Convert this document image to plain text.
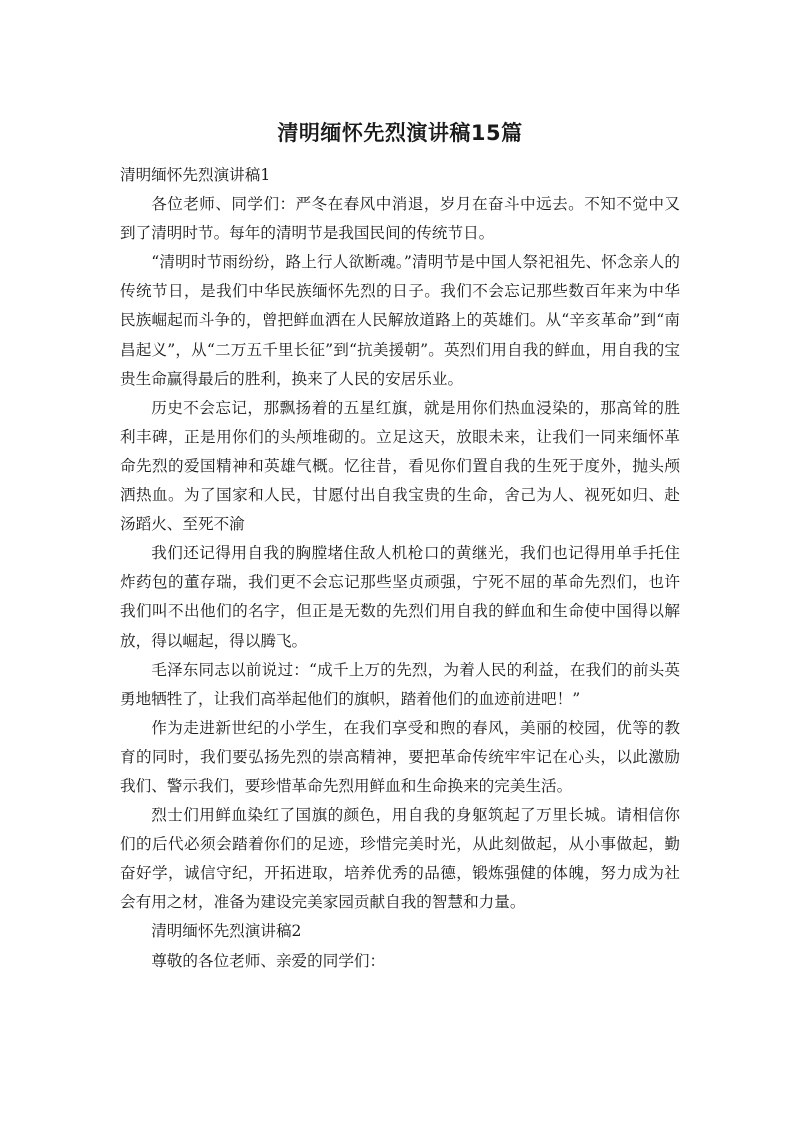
清明缅怀先烈演讲稿15篇

清明缅怀先烈演讲稿1

各位老师、同学们：严冬在春风中消退，岁月在奋斗中远去。不知不觉中又到了清明时节。每年的清明节是我国民间的传统节日。

“清明时节雨纷纷，路上行人欲断魂。”清明节是中国人祭祀祖先、怀念亲人的传统节日，是我们中华民族缅怀先烈的日子。我们不会忘记那些数百年来为中华民族崛起而斗争的，曾把鲜血洒在人民解放道路上的英雄们。从“辛亥革命”到“南昌起义”，从“二万五千里长征”到“抗美援朝”。英烈们用自我的鲜血，用自我的宝贵生命赢得最后的胜利，换来了人民的安居乐业。

历史不会忘记，那飘扬着的五星红旗，就是用你们热血浸染的，那高耸的胜利丰碑，正是用你们的头颅堆砌的。立足这天，放眼未来，让我们一同来缅怀革命先烈的爱国精神和英雄气概。忆往昔，看见你们置自我的生死于度外，抛头颅洒热血。为了国家和人民，甘愿付出自我宝贵的生命，舍己为人、视死如归、赴汤蹈火、至死不渝

我们还记得用自我的胸膛堵住敌人机枪口的黄继光，我们也记得用单手托住炸药包的董存瑞，我们更不会忘记那些坚贞顽强，宁死不屈的革命先烈们，也许我们叫不出他们的名字，但正是无数的先烈们用自我的鲜血和生命使中国得以解放，得以崛起，得以腾飞。

毛泽东同志以前说过：“成千上万的先烈，为着人民的利益，在我们的前头英勇地牺牲了，让我们高举起他们的旗帜，踏着他们的血迹前进吧！”

作为走进新世纪的小学生，在我们享受和煦的春风，美丽的校园，优等的教育的同时，我们要弘扬先烈的崇高精神，要把革命传统牢牢记在心头，以此激励我们、警示我们，要珍惜革命先烈用鲜血和生命换来的完美生活。

烈士们用鲜血染红了国旗的颜色，用自我的身躯筑起了万里长城。请相信你们的后代必须会踏着你们的足迹，珍惜完美时光，从此刻做起，从小事做起，勤奋好学，诚信守纪，开拓进取，培养优秀的品德，锻炼强健的体魄，努力成为社会有用之材，准备为建设完美家园贡献自我的智慧和力量。

清明缅怀先烈演讲稿2

尊敬的各位老师、亲爱的同学们：
